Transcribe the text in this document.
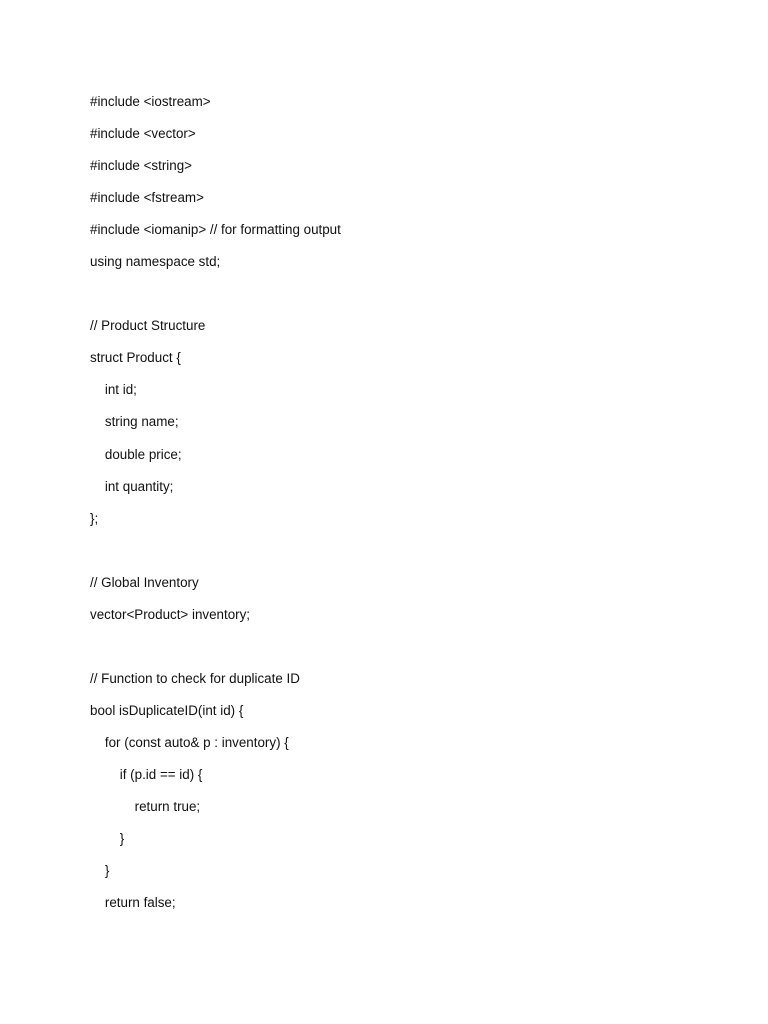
#include <iostream>
#include <vector>
#include <string>
#include <fstream>
#include <iomanip> // for formatting output
using namespace std;
// Product Structure
struct Product {
int id;
string name;
double price;
int quantity;
};
// Global Inventory
vector<Product> inventory;
// Function to check for duplicate ID
bool isDuplicateID(int id) {
for (const auto& p : inventory) {
if (p.id == id) {
return true;
}
}
return false;
